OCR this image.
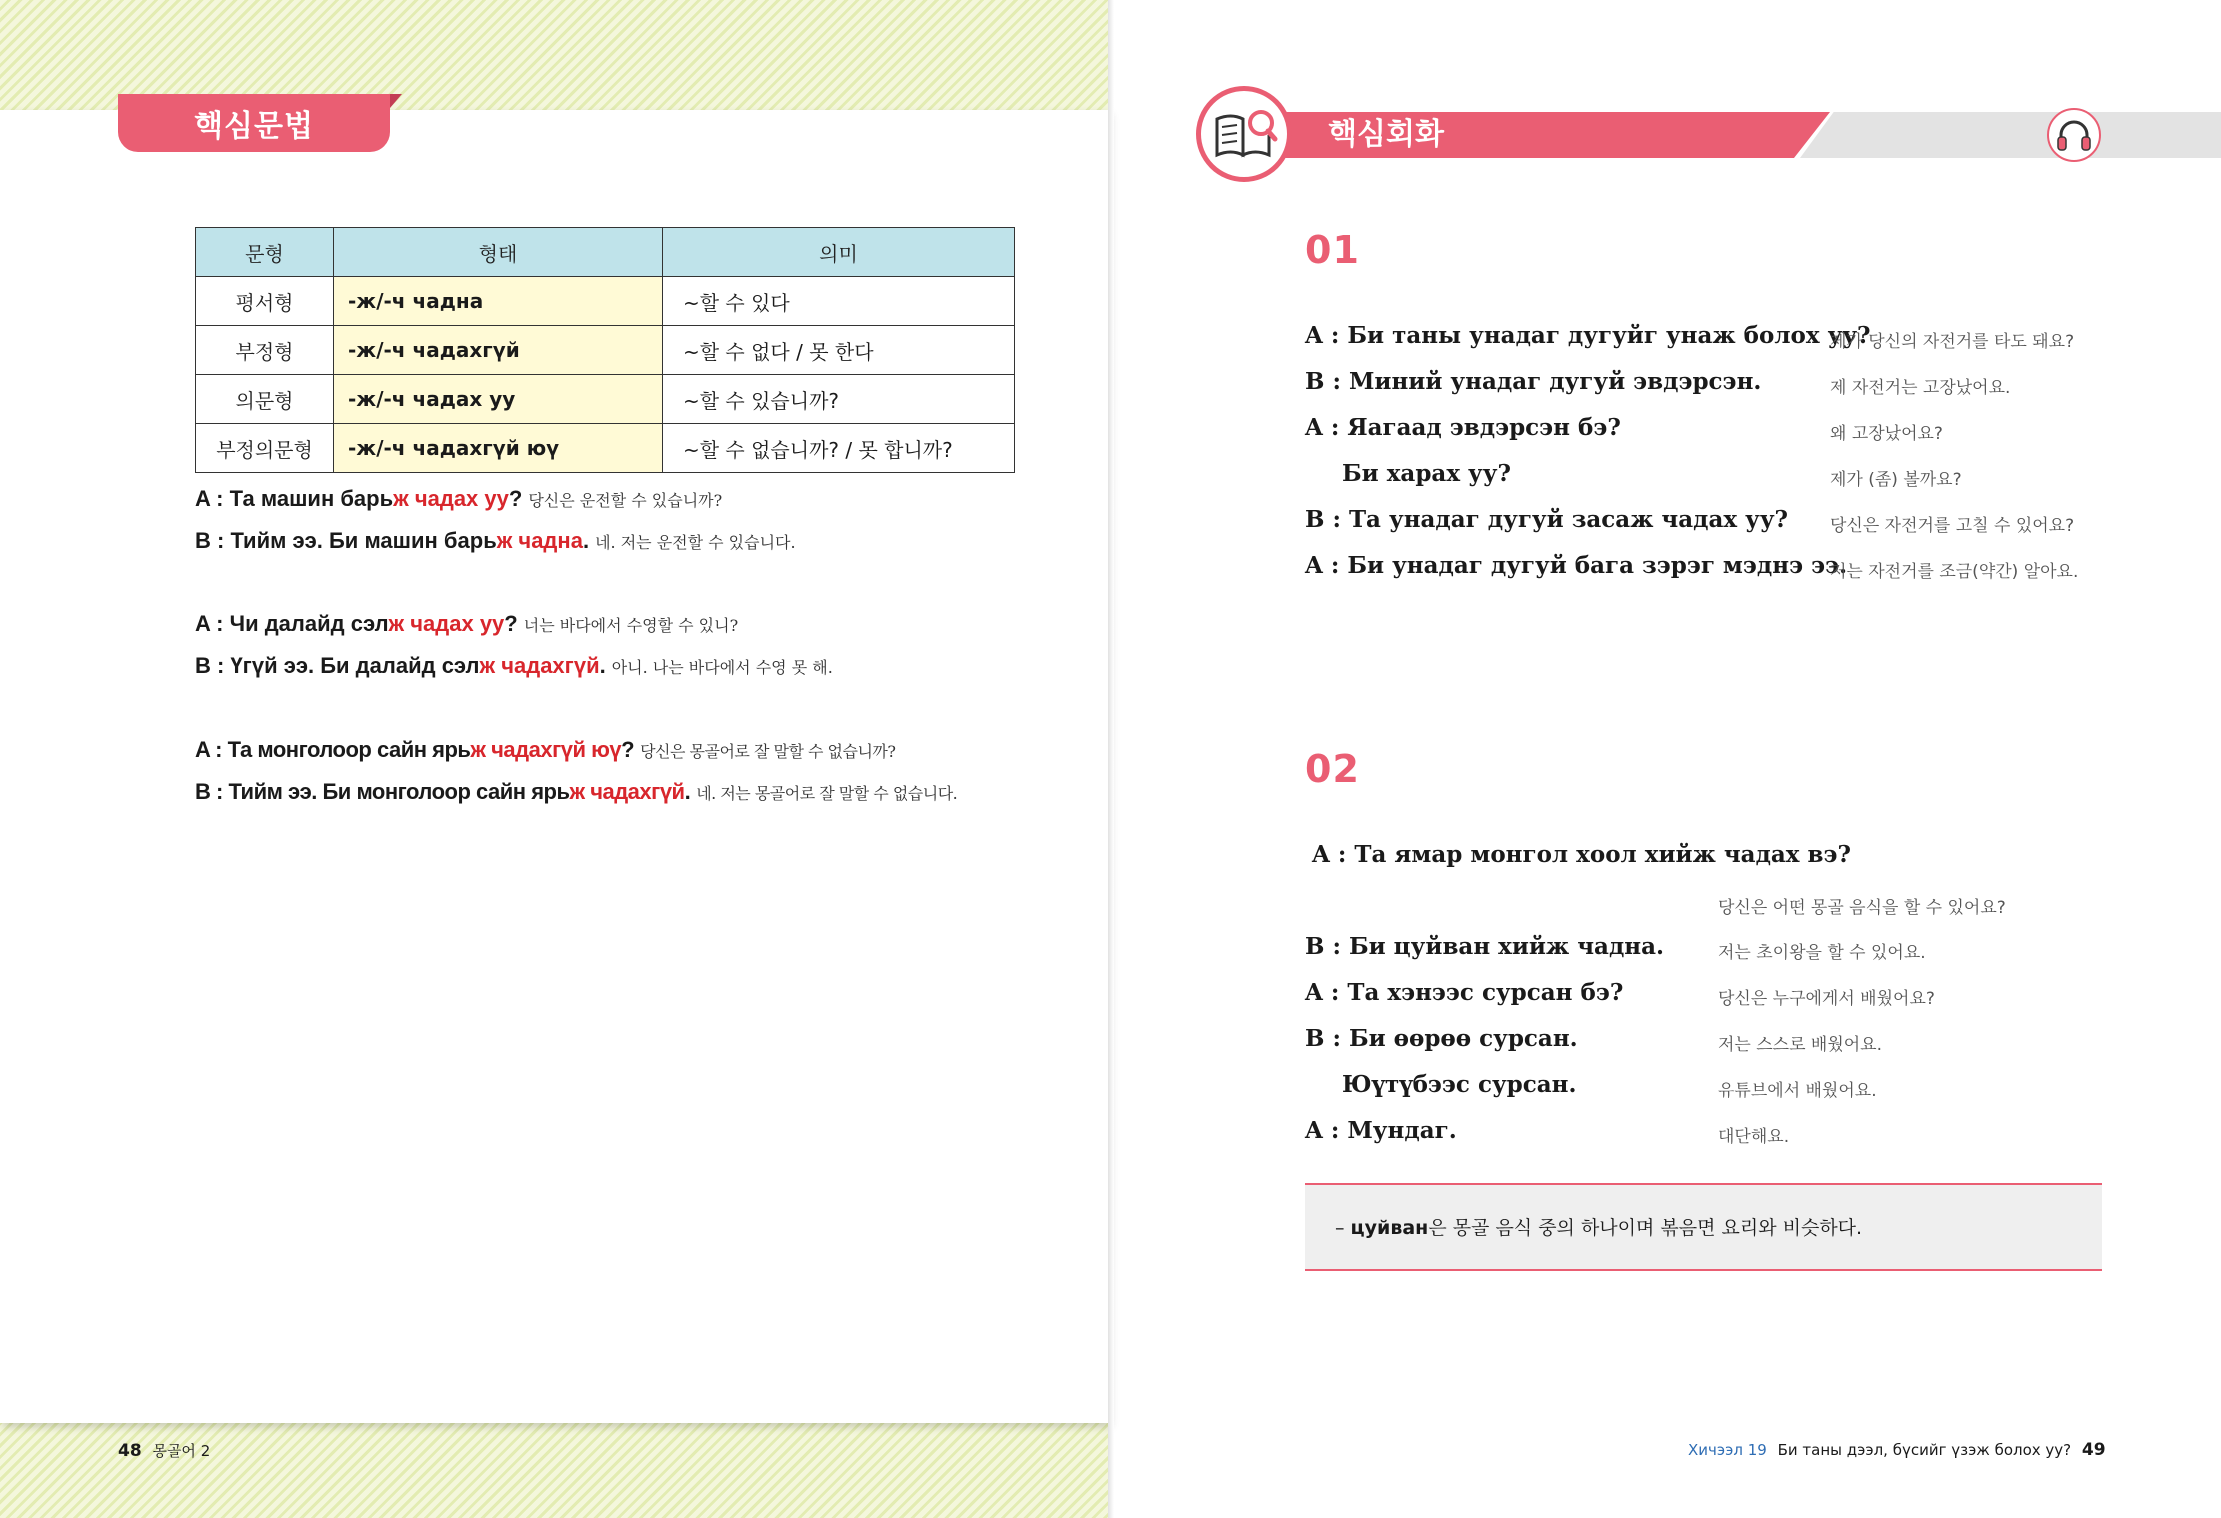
핵심문법
문형	형태	의미
평서형	-ж/-ч чадна	~할 수 있다
부정형	-ж/-ч чадахгүй	~할 수 없다 / 못 한다
의문형	-ж/-ч чадах уу	~할 수 있습니까?
부정의문형	-ж/-ч чадахгүй юү	~할 수 없습니까? / 못 합니까?
A : Та машин барьж чадах уу? 당신은 운전할 수 있습니까?
B : Тийм ээ. Би машин барьж чадна. 네. 저는 운전할 수 있습니다.
A : Чи далайд сэлж чадах уу? 너는 바다에서 수영할 수 있니?
B : Үгүй ээ. Би далайд сэлж чадахгүй. 아니. 나는 바다에서 수영 못 해.
A : Та монголоор сайн ярьж чадахгүй юү? 당신은 몽골어로 잘 말할 수 없습니까?
B : Тийм ээ. Би монголоор сайн ярьж чадахгүй. 네. 저는 몽골어로 잘 말할 수 없습니다.
48 몽골어 2
핵심회화
01
A : Би таны унадаг дугуйг унаж болох уу?
제가 당신의 자전거를 타도 돼요?
B : Миний унадаг дугуй эвдэрсэн.	제 자전거는 고장났어요.
A : Яагаад эвдэрсэн бэ?	왜 고장났어요?
Би харах уу?	제가 (좀) 볼까요?
B : Та унадаг дугуй засаж чадах уу? 당신은 자전거를 고칠 수 있어요?
A : Би унадаг дугуй бага зэрэг мэднэ ээ.
저는 자전거를 조금(약간) 알아요.
02
A : Та ямар монгол хоол хийж чадах вэ?
당신은 어떤 몽골 음식을 할 수 있어요?
B : Би цуйван хийж чадна.	저는 초이왕을 할 수 있어요.
A : Та хэнээс сурсан бэ?	당신은 누구에게서 배웠어요?
B : Би өөрөө сурсан.	저는 스스로 배웠어요.
Юүтүбээс сурсан.	유튜브에서 배웠어요.
A : Мундаг.	대단해요.
– цуйван은 몽골 음식 중의 하나이며 볶음면 요리와 비슷하다.
Хичээл 19 Би таны дээл, бүсийг үзэж болох уу? 49
